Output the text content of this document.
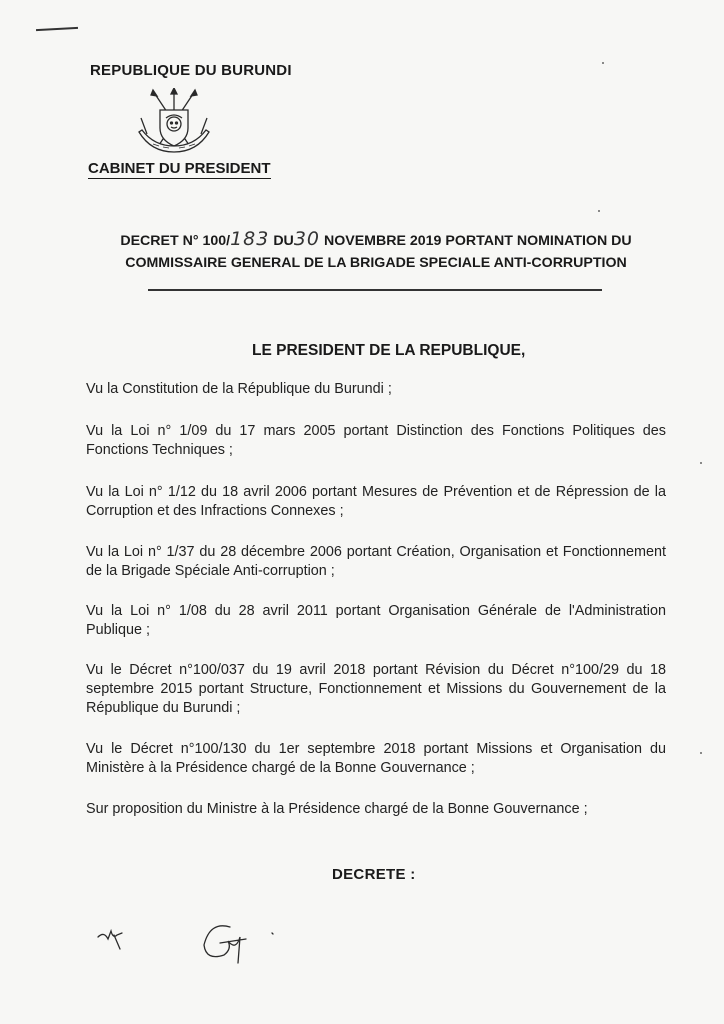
REPUBLIQUE DU BURUNDI
CABINET DU PRESIDENT
DECRET N° 100/183 DU30 NOVEMBRE 2019 PORTANT NOMINATION DU
COMMISSAIRE GENERAL DE LA BRIGADE SPECIALE ANTI-CORRUPTION
LE PRESIDENT DE LA REPUBLIQUE,
Vu la Constitution de la République du Burundi ;
Vu la Loi n° 1/09 du 17 mars 2005 portant Distinction des Fonctions Politiques des Fonctions Techniques ;
Vu la Loi n° 1/12 du 18 avril 2006 portant Mesures de Prévention et de Répression de la Corruption et des Infractions Connexes ;
Vu la Loi n° 1/37 du 28 décembre 2006 portant Création, Organisation et Fonctionnement de la Brigade Spéciale Anti-corruption ;
Vu la Loi n° 1/08 du 28 avril 2011 portant Organisation Générale de l'Administration Publique ;
Vu le Décret n°100/037 du 19 avril 2018 portant Révision du Décret n°100/29 du 18 septembre 2015 portant Structure, Fonctionnement et Missions du Gouvernement de la République du Burundi ;
Vu le Décret n°100/130 du 1er septembre 2018 portant Missions et Organisation du Ministère à la Présidence chargé de la Bonne Gouvernance ;
Sur proposition du Ministre à la Présidence chargé de la Bonne Gouvernance ;
DECRETE :
